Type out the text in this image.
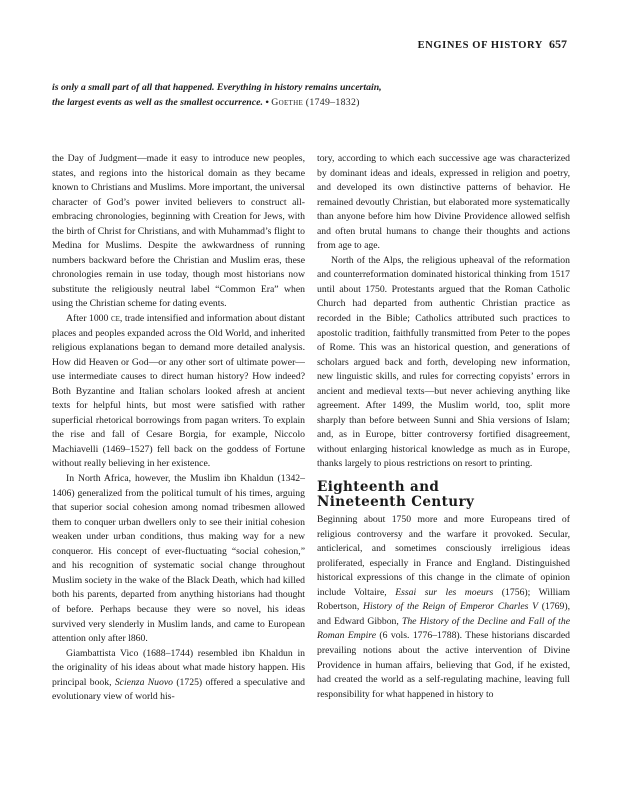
ENGINES OF HISTORY 657
is only a small part of all that happened. Everything in history remains uncertain,
the largest events as well as the smallest occurrence. • Goethe (1749–1832)

the Day of Judgment—made it easy to introduce new peoples, states, and regions into the historical domain as they became known to Christians and Muslims. More important, the universal character of God’s power invited believers to construct all-embracing chronologies, beginning with Creation for Jews, with the birth of Christ for Christians, and with Muhammad’s flight to Medina for Muslims. Despite the awkwardness of running numbers backward before the Christian and Muslim eras, these chronologies remain in use today, though most historians now substitute the religiously neutral label “Common Era” when using the Christian scheme for dating events.

After 1000 ce, trade intensified and information about distant places and peoples expanded across the Old World, and inherited religious explanations began to demand more detailed analysis. How did Heaven or God—or any other sort of ultimate power—use intermediate causes to direct human history? How indeed? Both Byzantine and Italian scholars looked afresh at ancient texts for helpful hints, but most were satisfied with rather superficial rhetorical borrowings from pagan writers. To explain the rise and fall of Cesare Borgia, for example, Niccolo Machiavelli (1469–1527) fell back on the goddess of Fortune without really believing in her existence.

In North Africa, however, the Muslim ibn Khaldun (1342–1406) generalized from the political tumult of his times, arguing that superior social cohesion among nomad tribesmen allowed them to conquer urban dwellers only to see their initial cohesion weaken under urban conditions, thus making way for a new conqueror. His concept of ever-fluctuating “social cohesion,” and his recognition of systematic social change throughout Muslim society in the wake of the Black Death, which had killed both his parents, departed from anything historians had thought of before. Perhaps because they were so novel, his ideas survived very slenderly in Muslim lands, and came to European attention only after l860.

Giambattista Vico (1688–1744) resembled ibn Khaldun in the originality of his ideas about what made history happen. His principal book, Scienza Nuovo (1725) offered a speculative and evolutionary view of world his-

tory, according to which each successive age was characterized by dominant ideas and ideals, expressed in religion and poetry, and developed its own distinctive patterns of behavior. He remained devoutly Christian, but elaborated more systematically than anyone before him how Divine Providence allowed selfish and often brutal humans to change their thoughts and actions from age to age.

North of the Alps, the religious upheaval of the reformation and counterreformation dominated historical thinking from 1517 until about 1750. Protestants argued that the Roman Catholic Church had departed from authentic Christian practice as recorded in the Bible; Catholics attributed such practices to apostolic tradition, faithfully transmitted from Peter to the popes of Rome. This was an historical question, and generations of scholars argued back and forth, developing new information, new linguistic skills, and rules for correcting copyists’ errors in ancient and medieval texts—but never achieving anything like agreement. After 1499, the Muslim world, too, split more sharply than before between Sunni and Shia versions of Islam; and, as in Europe, bitter controversy fortified disagreement, without enlarging historical knowledge as much as in Europe, thanks largely to pious restrictions on resort to printing.

Eighteenth and
Nineteenth Century

Beginning about 1750 more and more Europeans tired of religious controversy and the warfare it provoked. Secular, anticlerical, and sometimes consciously irreligious ideas proliferated, especially in France and England. Distinguished historical expressions of this change in the climate of opinion include Voltaire, Essai sur les moeurs (1756); William Robertson, History of the Reign of Emperor Charles V (1769), and Edward Gibbon, The History of the Decline and Fall of the Roman Empire (6 vols. 1776–1788). These historians discarded prevailing notions about the active intervention of Divine Providence in human affairs, believing that God, if he existed, had created the world as a self-regulating machine, leaving full responsibility for what happened in history to
